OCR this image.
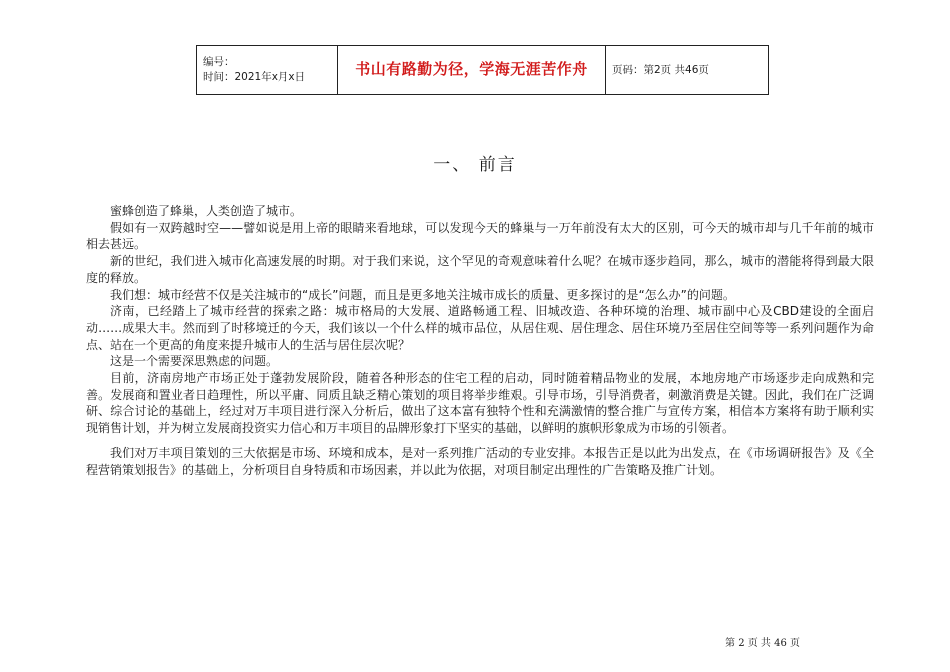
编号：
时间：2021年x月x日	书山有路勤为径，学海无涯苦作舟	页码：第2页 共46页
一、 前言

蜜蜂创造了蜂巢，人类创造了城市。

假如有一双跨越时空——譬如说是用上帝的眼睛来看地球，可以发现今天的蜂巢与一万年前没有太大的区别，可今天的城市却与几千年前的城市相去甚远。

新的世纪，我们进入城市化高速发展的时期。对于我们来说，这个罕见的奇观意味着什么呢？在城市逐步趋同，那么，城市的潜能将得到最大限度的释放。

我们想：城市经营不仅是关注城市的“成长”问题，而且是更多地关注城市成长的质量、更多探讨的是“怎么办”的问题。

济南，已经踏上了城市经营的探索之路：城市格局的大发展、道路畅通工程、旧城改造、各种环境的治理、城市副中心及CBD建设的全面启动……成果大丰。然而到了时移境迁的今天，我们该以一个什么样的城市品位，从居住观、居住理念、居住环境乃至居住空间等等一系列问题作为命点、站在一个更高的角度来提升城市人的生活与居住层次呢？

这是一个需要深思熟虑的问题。

目前，济南房地产市场正处于蓬勃发展阶段，随着各种形态的住宅工程的启动，同时随着精品物业的发展，本地房地产市场逐步走向成熟和完善。发展商和置业者日趋理性，所以平庸、同质且缺乏精心策划的项目将举步维艰。引导市场，引导消费者，刺激消费是关键。因此，我们在广泛调研、综合讨论的基础上，经过对万丰项目进行深入分析后，做出了这本富有独特个性和充满激情的整合推广与宣传方案，相信本方案将有助于顺利实现销售计划，并为树立发展商投资实力信心和万丰项目的品牌形象打下坚实的基础，以鲜明的旗帜形象成为市场的引领者。

我们对万丰项目策划的三大依据是市场、环境和成本，是对一系列推广活动的专业安排。本报告正是以此为出发点，在《市场调研报告》及《全程营销策划报告》的基础上，分析项目自身特质和市场因素，并以此为依据，对项目制定出理性的广告策略及推广计划。

第 2 页 共 46 页
